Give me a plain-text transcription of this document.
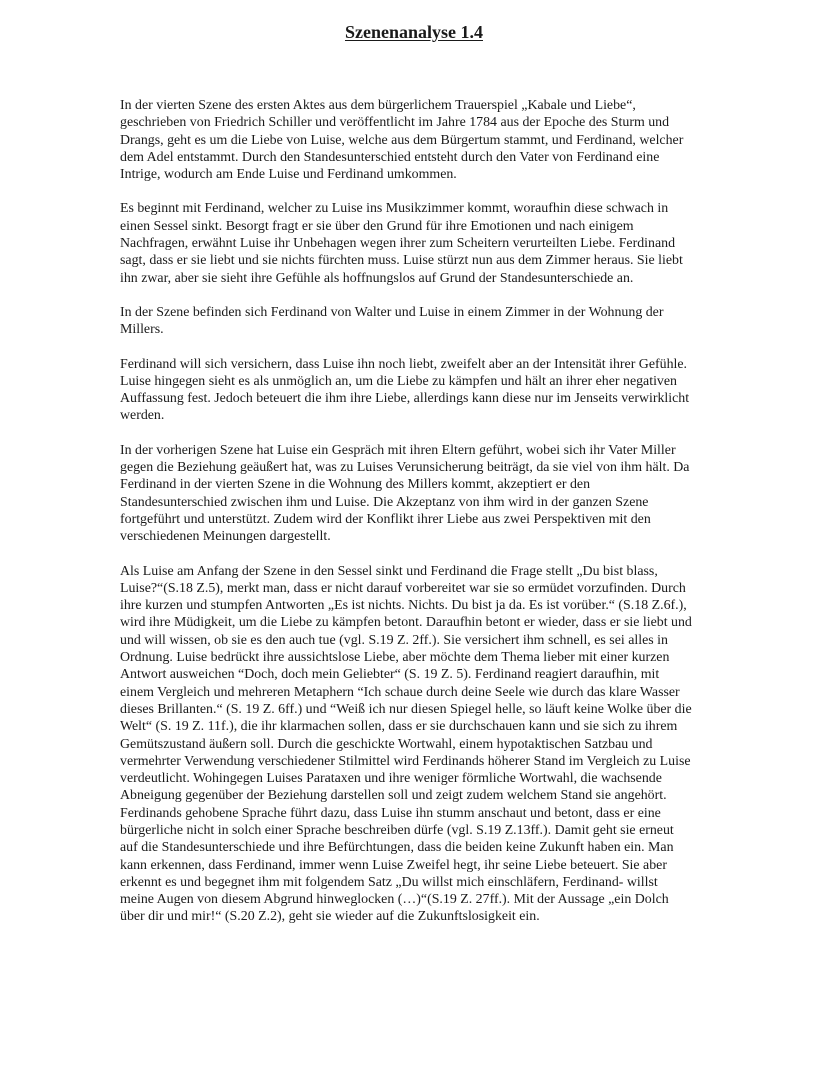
Szenenanalyse 1.4

In der vierten Szene des ersten Aktes aus dem bürgerlichem Trauerspiel „Kabale und Liebe“, geschrieben von Friedrich Schiller und veröffentlicht im Jahre 1784 aus der Epoche des Sturm und Drangs, geht es um die Liebe von Luise, welche aus dem Bürgertum stammt, und Ferdinand, welcher dem Adel entstammt. Durch den Standesunterschied entsteht durch den Vater von Ferdinand eine Intrige, wodurch am Ende Luise und Ferdinand umkommen.

Es beginnt mit Ferdinand, welcher zu Luise ins Musikzimmer kommt, woraufhin diese schwach in einen Sessel sinkt. Besorgt fragt er sie über den Grund für ihre Emotionen und nach einigem Nachfragen, erwähnt Luise ihr Unbehagen wegen ihrer zum Scheitern verurteilten Liebe. Ferdinand sagt, dass er sie liebt und sie nichts fürchten muss. Luise stürzt nun aus dem Zimmer heraus. Sie liebt ihn zwar, aber sie sieht ihre Gefühle als hoffnungslos auf Grund der Standesunterschiede an.

In der Szene befinden sich Ferdinand von Walter und Luise in einem Zimmer in der Wohnung der Millers.

Ferdinand will sich versichern, dass Luise ihn noch liebt, zweifelt aber an der Intensität ihrer Gefühle. Luise hingegen sieht es als unmöglich an, um die Liebe zu kämpfen und hält an ihrer eher negativen Auffassung fest. Jedoch beteuert die ihm ihre Liebe, allerdings kann diese nur im Jenseits verwirklicht werden.

In der vorherigen Szene hat Luise ein Gespräch mit ihren Eltern geführt, wobei sich ihr Vater Miller gegen die Beziehung geäußert hat, was zu Luises Verunsicherung beiträgt, da sie viel von ihm hält. Da Ferdinand in der vierten Szene in die Wohnung des Millers kommt, akzeptiert er den Standesunterschied zwischen ihm und Luise. Die Akzeptanz von ihm wird in der ganzen Szene fortgeführt und unterstützt. Zudem wird der Konflikt ihrer Liebe aus zwei Perspektiven mit den verschiedenen Meinungen dargestellt.

Als Luise am Anfang der Szene in den Sessel sinkt und Ferdinand die Frage stellt „Du bist blass, Luise?“(S.18 Z.5), merkt man, dass er nicht darauf vorbereitet war sie so ermüdet vorzufinden. Durch ihre kurzen und stumpfen Antworten „Es ist nichts. Nichts. Du bist ja da. Es ist vorüber.“ (S.18 Z.6f.), wird ihre Müdigkeit, um die Liebe zu kämpfen betont. Daraufhin betont er wieder, dass er sie liebt und und will wissen, ob sie es den auch tue (vgl. S.19 Z. 2ff.). Sie versichert ihm schnell, es sei alles in Ordnung. Luise bedrückt ihre aussichtslose Liebe, aber möchte dem Thema lieber mit einer kurzen Antwort ausweichen “Doch, doch mein Geliebter“ (S. 19 Z. 5). Ferdinand reagiert daraufhin, mit einem Vergleich und mehreren Metaphern “Ich schaue durch deine Seele wie durch das klare Wasser dieses Brillanten.“ (S. 19 Z. 6ff.) und “Weiß ich nur diesen Spiegel helle, so läuft keine Wolke über die Welt“ (S. 19 Z. 11f.), die ihr klarmachen sollen, dass er sie durchschauen kann und sie sich zu ihrem Gemütszustand äußern soll. Durch die geschickte Wortwahl, einem hypotaktischen Satzbau und vermehrter Verwendung verschiedener Stilmittel wird Ferdinands höherer Stand im Vergleich zu Luise verdeutlicht. Wohingegen Luises Parataxen und ihre weniger förmliche Wortwahl, die wachsende Abneigung gegenüber der Beziehung darstellen soll und zeigt zudem welchem Stand sie angehört. Ferdinands gehobene Sprache führt dazu, dass Luise ihn stumm anschaut und betont, dass er eine bürgerliche nicht in solch einer Sprache beschreiben dürfe (vgl. S.19 Z.13ff.). Damit geht sie erneut auf die Standesunterschiede und ihre Befürchtungen, dass die beiden keine Zukunft haben ein. Man kann erkennen, dass Ferdinand, immer wenn Luise Zweifel hegt, ihr seine Liebe beteuert. Sie aber erkennt es und begegnet ihm mit folgendem Satz „Du willst mich einschläfern, Ferdinand- willst meine Augen von diesem Abgrund hinweglocken (…)“(S.19 Z. 27ff.). Mit der Aussage „ein Dolch über dir und mir!“ (S.20 Z.2), geht sie wieder auf die Zukunftslosigkeit ein.
